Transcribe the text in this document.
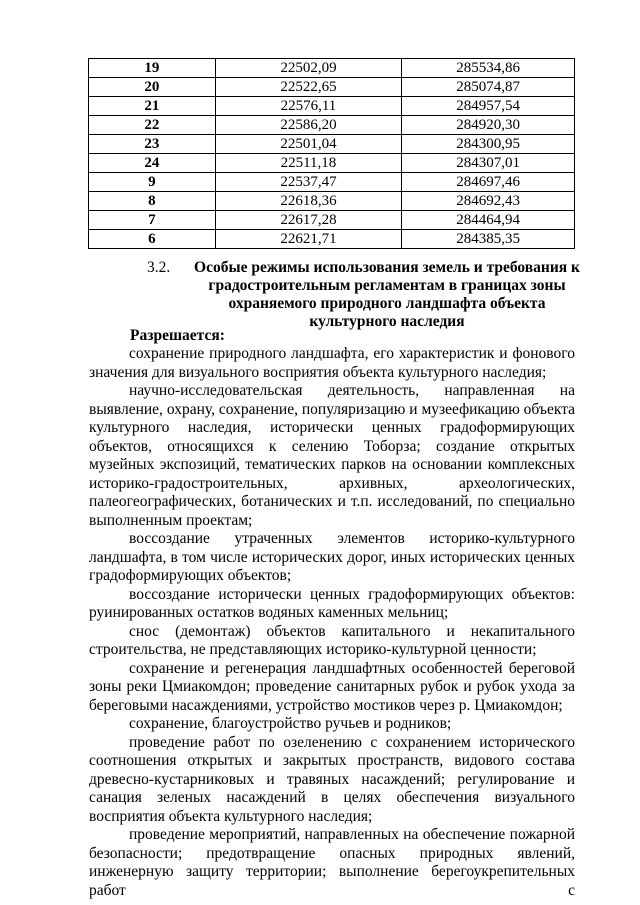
19	22502,09	285534,86
20	22522,65	285074,87
21	22576,11	284957,54
22	22586,20	284920,30
23	22501,04	284300,95
24	22511,18	284307,01
9	22537,47	284697,46
8	22618,36	284692,43
7	22617,28	284464,94
6	22621,71	284385,35
3.2.	Особые режимы использования земель и требования к градостроительным регламентам в границах зоны охраняемого природного ландшафта объекта культурного наследия
Разрешается:

сохранение природного ландшафта, его характеристик и фонового значения для визуального восприятия объекта культурного наследия;

научно-исследовательская деятельность, направленная на выявление, охрану, сохранение, популяризацию и музеефикацию объекта культурного наследия, исторически ценных градоформирующих объектов, относящихся к селению Тоборза; создание открытых музейных экспозиций, тематических парков на основании комплексных историко-градостроительных, архивных, археологических, палеогеографических, ботанических и т.п. исследований, по специально выполненным проектам;

воссоздание утраченных элементов историко-культурного ландшафта, в том числе исторических дорог, иных исторических ценных градоформирующих объектов;

воссоздание исторически ценных градоформирующих объектов: руинированных остатков водяных каменных мельниц;

снос (демонтаж) объектов капитального и некапитального строительства, не представляющих историко-культурной ценности;

сохранение и регенерация ландшафтных особенностей береговой зоны реки Цмиакомдон; проведение санитарных рубок и рубок ухода за береговыми насаждениями, устройство мостиков через р. Цмиакомдон;

сохранение, благоустройство ручьев и родников;

проведение работ по озеленению с сохранением исторического соотношения открытых и закрытых пространств, видового состава древесно-кустарниковых и травяных насаждений; регулирование и санация зеленых насаждений в целях обеспечения визуального восприятия объекта культурного наследия;

проведение мероприятий, направленных на обеспечение пожарной безопасности; предотвращение опасных природных явлений, инженерную защиту территории; выполнение берегоукрепительных работ с
